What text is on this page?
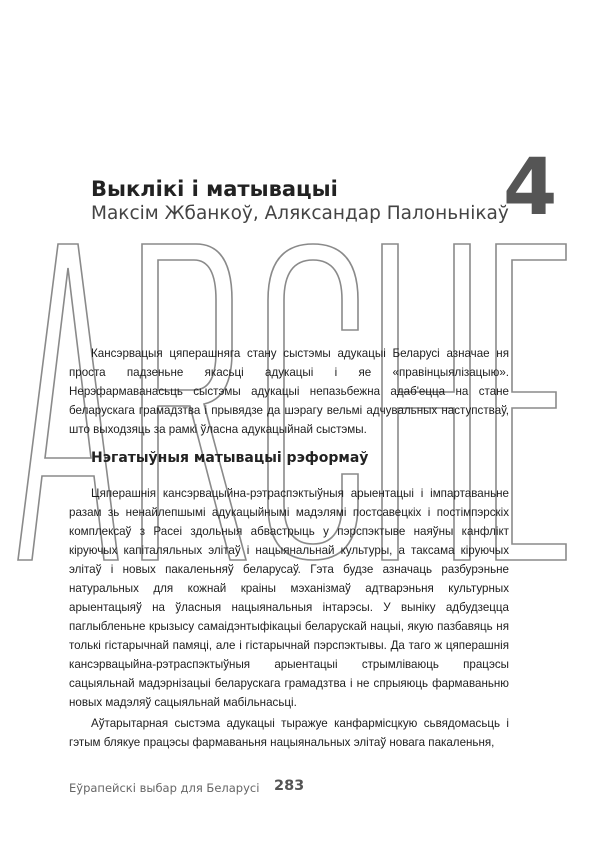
4
Выклікі і матывацыі
Максім Жбанкоў, Аляксандар Палоньнікаў

Кансэрвацыя цяперашняга стану сыстэмы адукацыі Беларусі азначае ня проста падзеньне якасьці адукацыі і яе «правінцыялізацыю». Нерэфармаванасьць сыстэмы адукацыі непазьбежна адаб'ецца на стане беларускага грамадзтва і прывядзе да шэрагу вельмі адчувальных наступстваў, што выходзяць за рамкі ўласна адукацыйнай сыстэмы.

Нэгатыўныя матывацыі рэформаў

Цяперашнія кансэрвацыйна-рэтраспэктыўныя арыентацыі і імпартаваньне разам зь ненайлепшымі адукацыйнымі мадэлямі постсавецкіх і постімпэрскіх комплексаў з Расеі здольныя абвастрыць у пэрспэктыве наяўны канфлікт кіруючых капіталяльных элітаў і нацыянальнай культуры, а таксама кіруючых элітаў і новых пакаленьняў беларусаў. Гэта будзе азначаць разбурэньне натуральных для кожнай краіны мэханізмаў адтварэньня культурных арыентацыяў на ўласныя нацыянальныя інтарэсы. У выніку адбудзецца паглыбленьне крызысу самаідэнтыфікацыі беларускай нацыі, якую пазбавяць ня толькі гістарычнай памяці, але і гістарычнай пэрспэктывы. Да таго ж цяперашнія кансэрвацыйна-рэтраспэктыўныя арыентацыі стрымліваюць працэсы сацыяльнай мадэрнізацыі беларускага грамадзтва і не спрыяюць фармаваньню новых мадэляў сацыяльнай мабільнасьці.

Аўтарытарная сыстэма адукацыі тыражуе канфармісцкую сьвядомасьць і гэтым блякуе працэсы фармаваньня нацыянальных элітаў новага пакаленьня,

Еўрапейскі выбар для Беларусі 283
